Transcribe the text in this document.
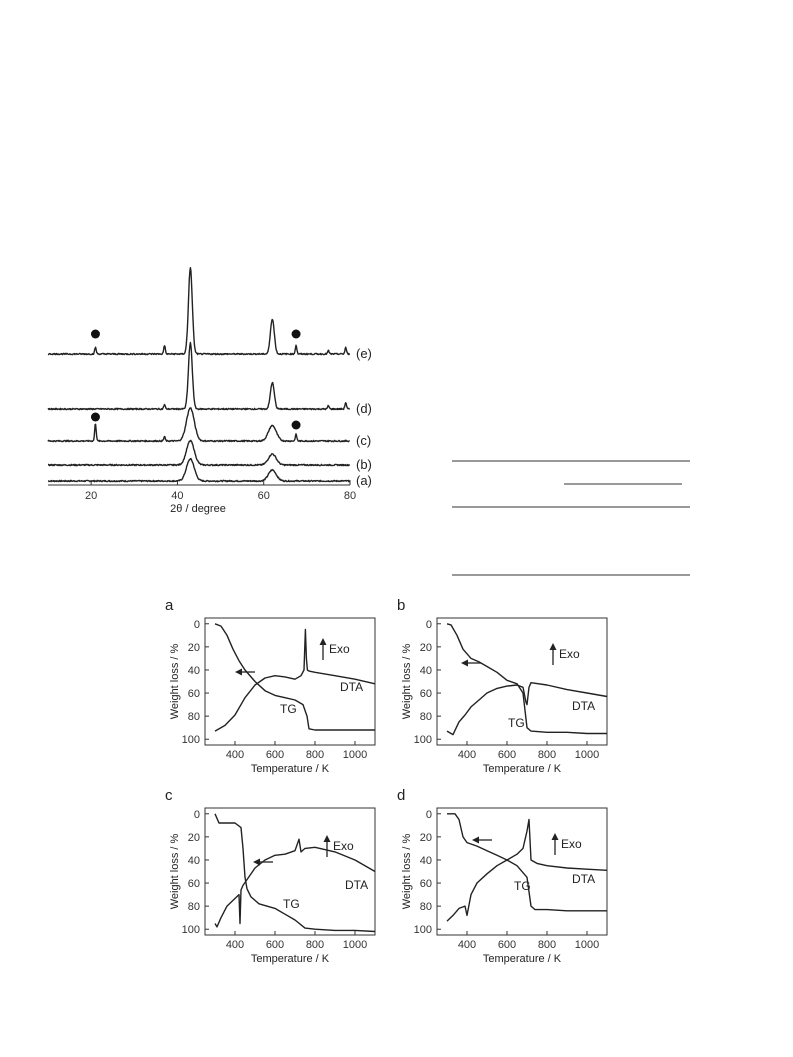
20	40	60	80
(a)
(b)
(c)
(d)
(e)
2θ / degree
a
0
20
40
60
80
100
400 600 800 1000
Temperature / K
Weight loss / %	Exo
TG
DTA
b
0
20
40
60
80
100
400 600 800 1000
Temperature / K
Weight loss / %	Exo
TG
DTA
c
0
20
40
60
80
100
400 600 800 1000
Temperature / K
Weight loss / %	Exo
TG
DTA
d
0
20
40
60
80
100
400 600 800 1000
Temperature / K
Weight loss / %	Exo
TG	DTA
